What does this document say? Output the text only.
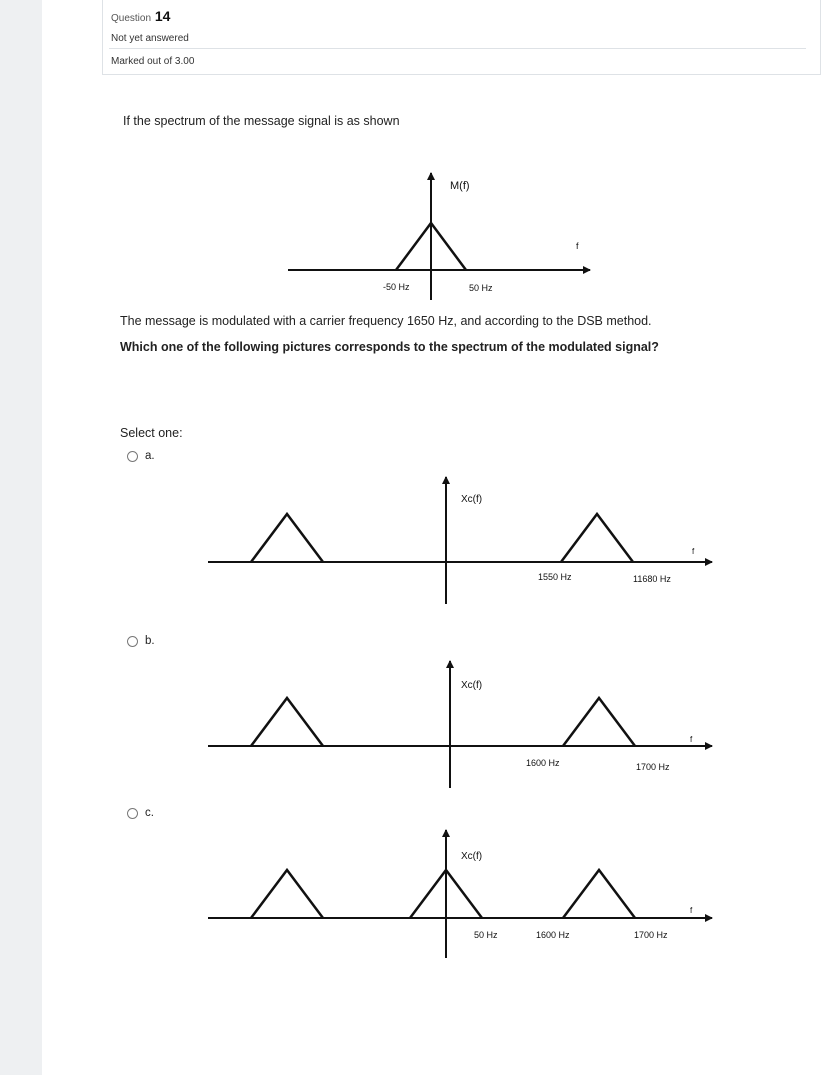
Question 14
Not yet answered
Marked out of 3.00
If the spectrum of the message signal is as shown
M(f)
f
-50 Hz	50 Hz
Xc(f)
f
1550 Hz	11680 Hz
Xc(f)
f
1600 Hz	1700 Hz
Xc(f)
f
50 Hz	1600 Hz	1700 Hz
The message is modulated with a carrier frequency 1650 Hz, and according to the DSB method.
Which one of the following pictures corresponds to the spectrum of the modulated signal?
Select one:
a.
b.
c.
